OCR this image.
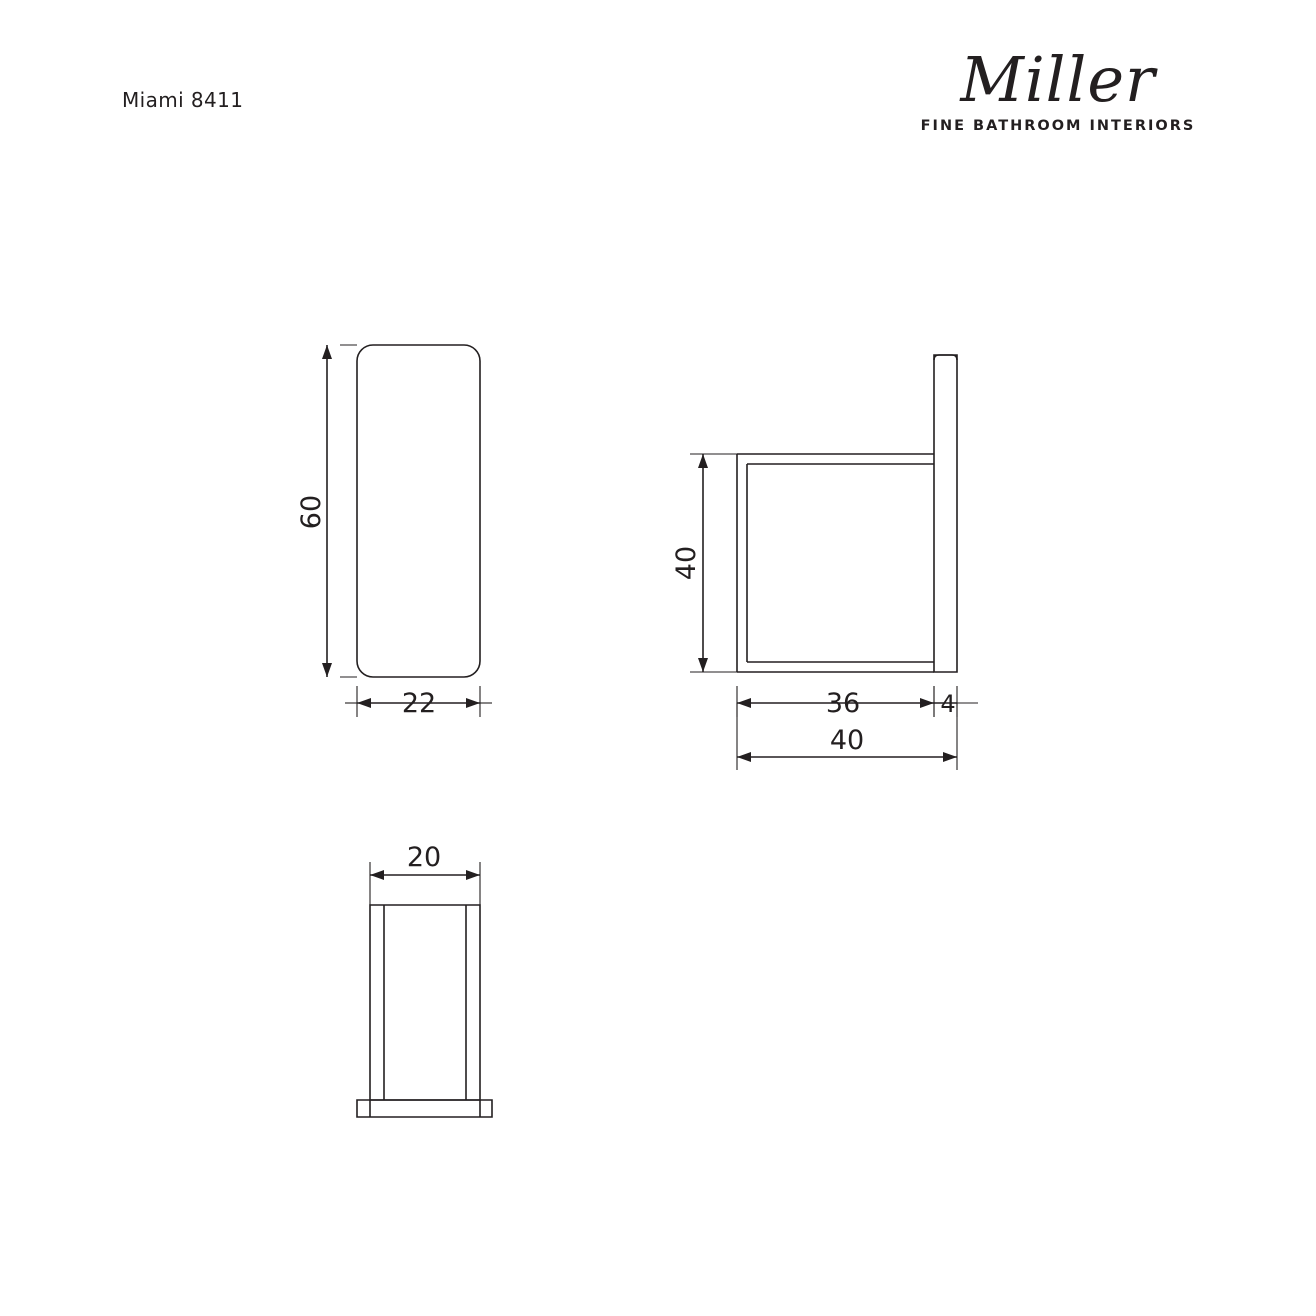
Miami 8411	Miller
FINE BATHROOM INTERIORS
60
22
40
36	4
40
20
